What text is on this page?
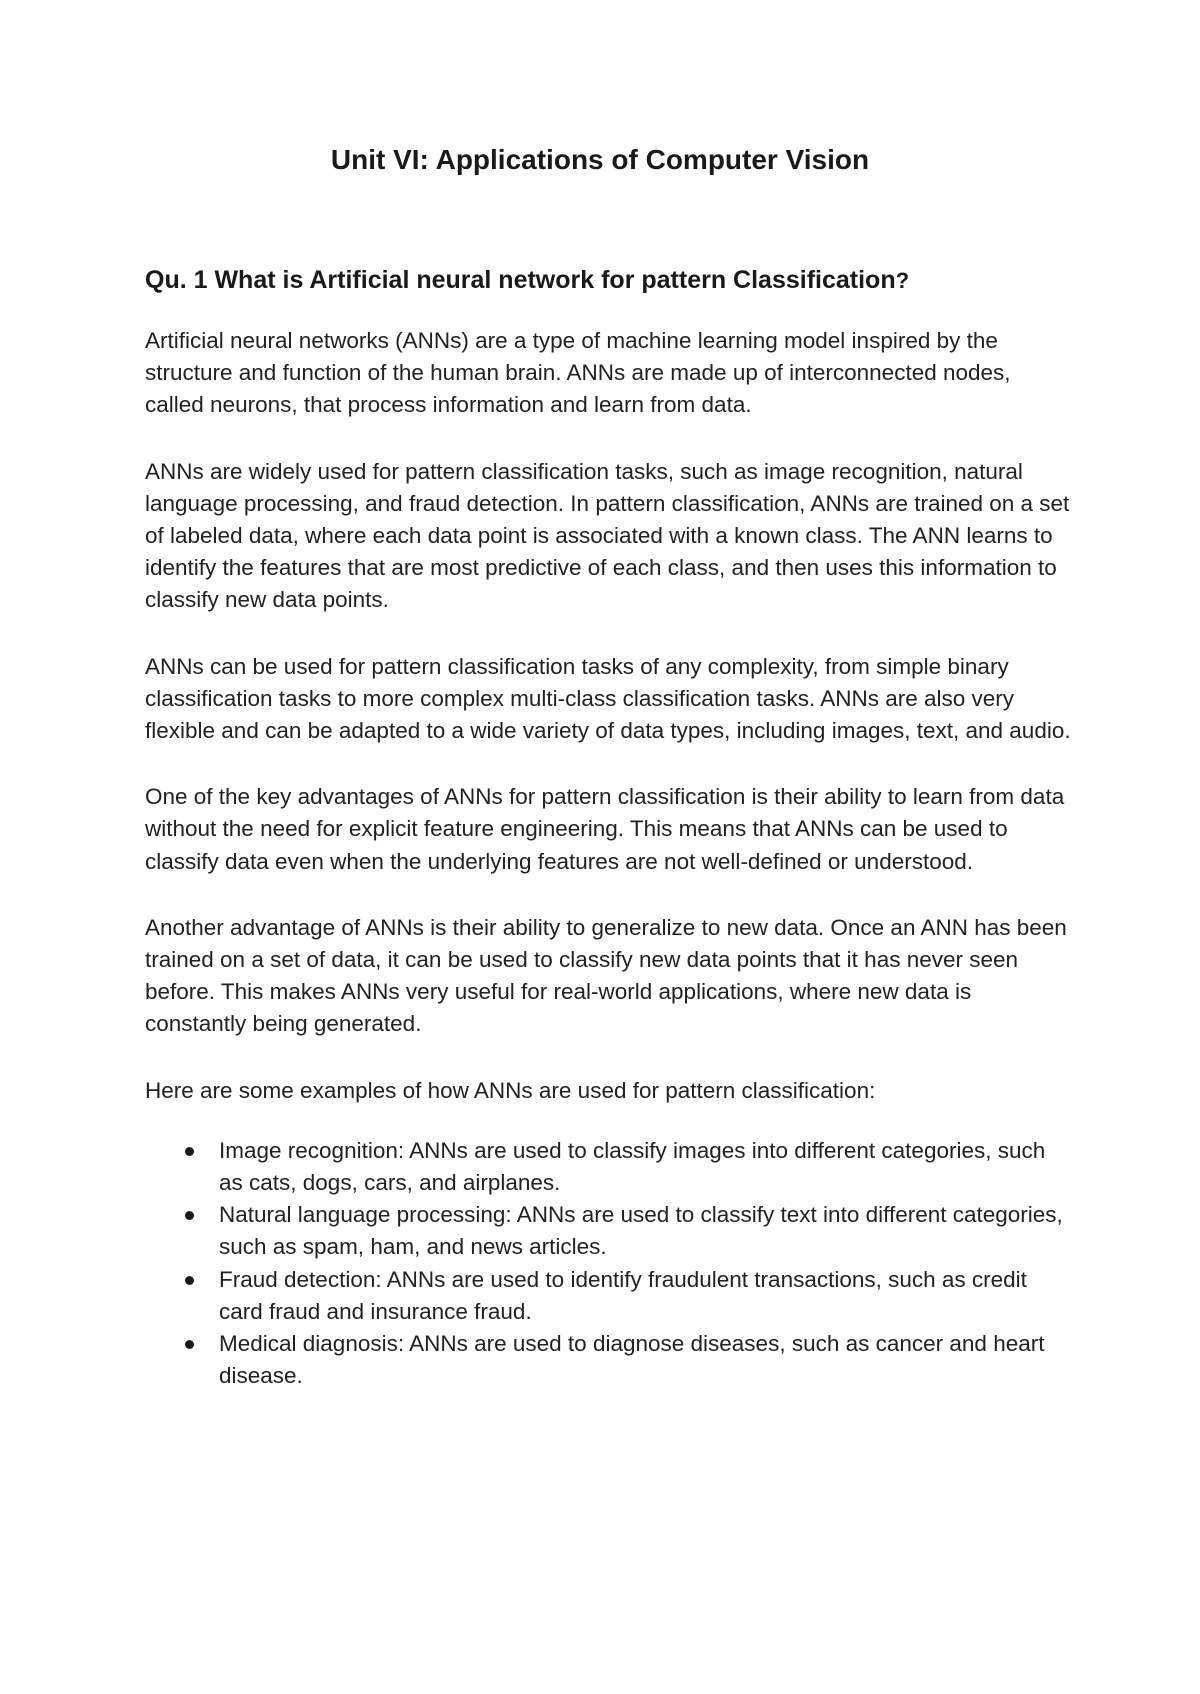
Unit VI: Applications of Computer Vision
Qu. 1 What is Artificial neural network for pattern Classification?

Artificial neural networks (ANNs) are a type of machine learning model inspired by the structure and function of the human brain. ANNs are made up of interconnected nodes, called neurons, that process information and learn from data.

ANNs are widely used for pattern classification tasks, such as image recognition, natural language processing, and fraud detection. In pattern classification, ANNs are trained on a set of labeled data, where each data point is associated with a known class. The ANN learns to identify the features that are most predictive of each class, and then uses this information to classify new data points.

ANNs can be used for pattern classification tasks of any complexity, from simple binary classification tasks to more complex multi-class classification tasks. ANNs are also very flexible and can be adapted to a wide variety of data types, including images, text, and audio.

One of the key advantages of ANNs for pattern classification is their ability to learn from data without the need for explicit feature engineering. This means that ANNs can be used to classify data even when the underlying features are not well-defined or understood.

Another advantage of ANNs is their ability to generalize to new data. Once an ANN has been trained on a set of data, it can be used to classify new data points that it has never seen before. This makes ANNs very useful for real-world applications, where new data is constantly being generated.

Here are some examples of how ANNs are used for pattern classification:

Image recognition: ANNs are used to classify images into different categories, such as cats, dogs, cars, and airplanes.
Natural language processing: ANNs are used to classify text into different categories, such as spam, ham, and news articles.
Fraud detection: ANNs are used to identify fraudulent transactions, such as credit card fraud and insurance fraud.
Medical diagnosis: ANNs are used to diagnose diseases, such as cancer and heart disease.
